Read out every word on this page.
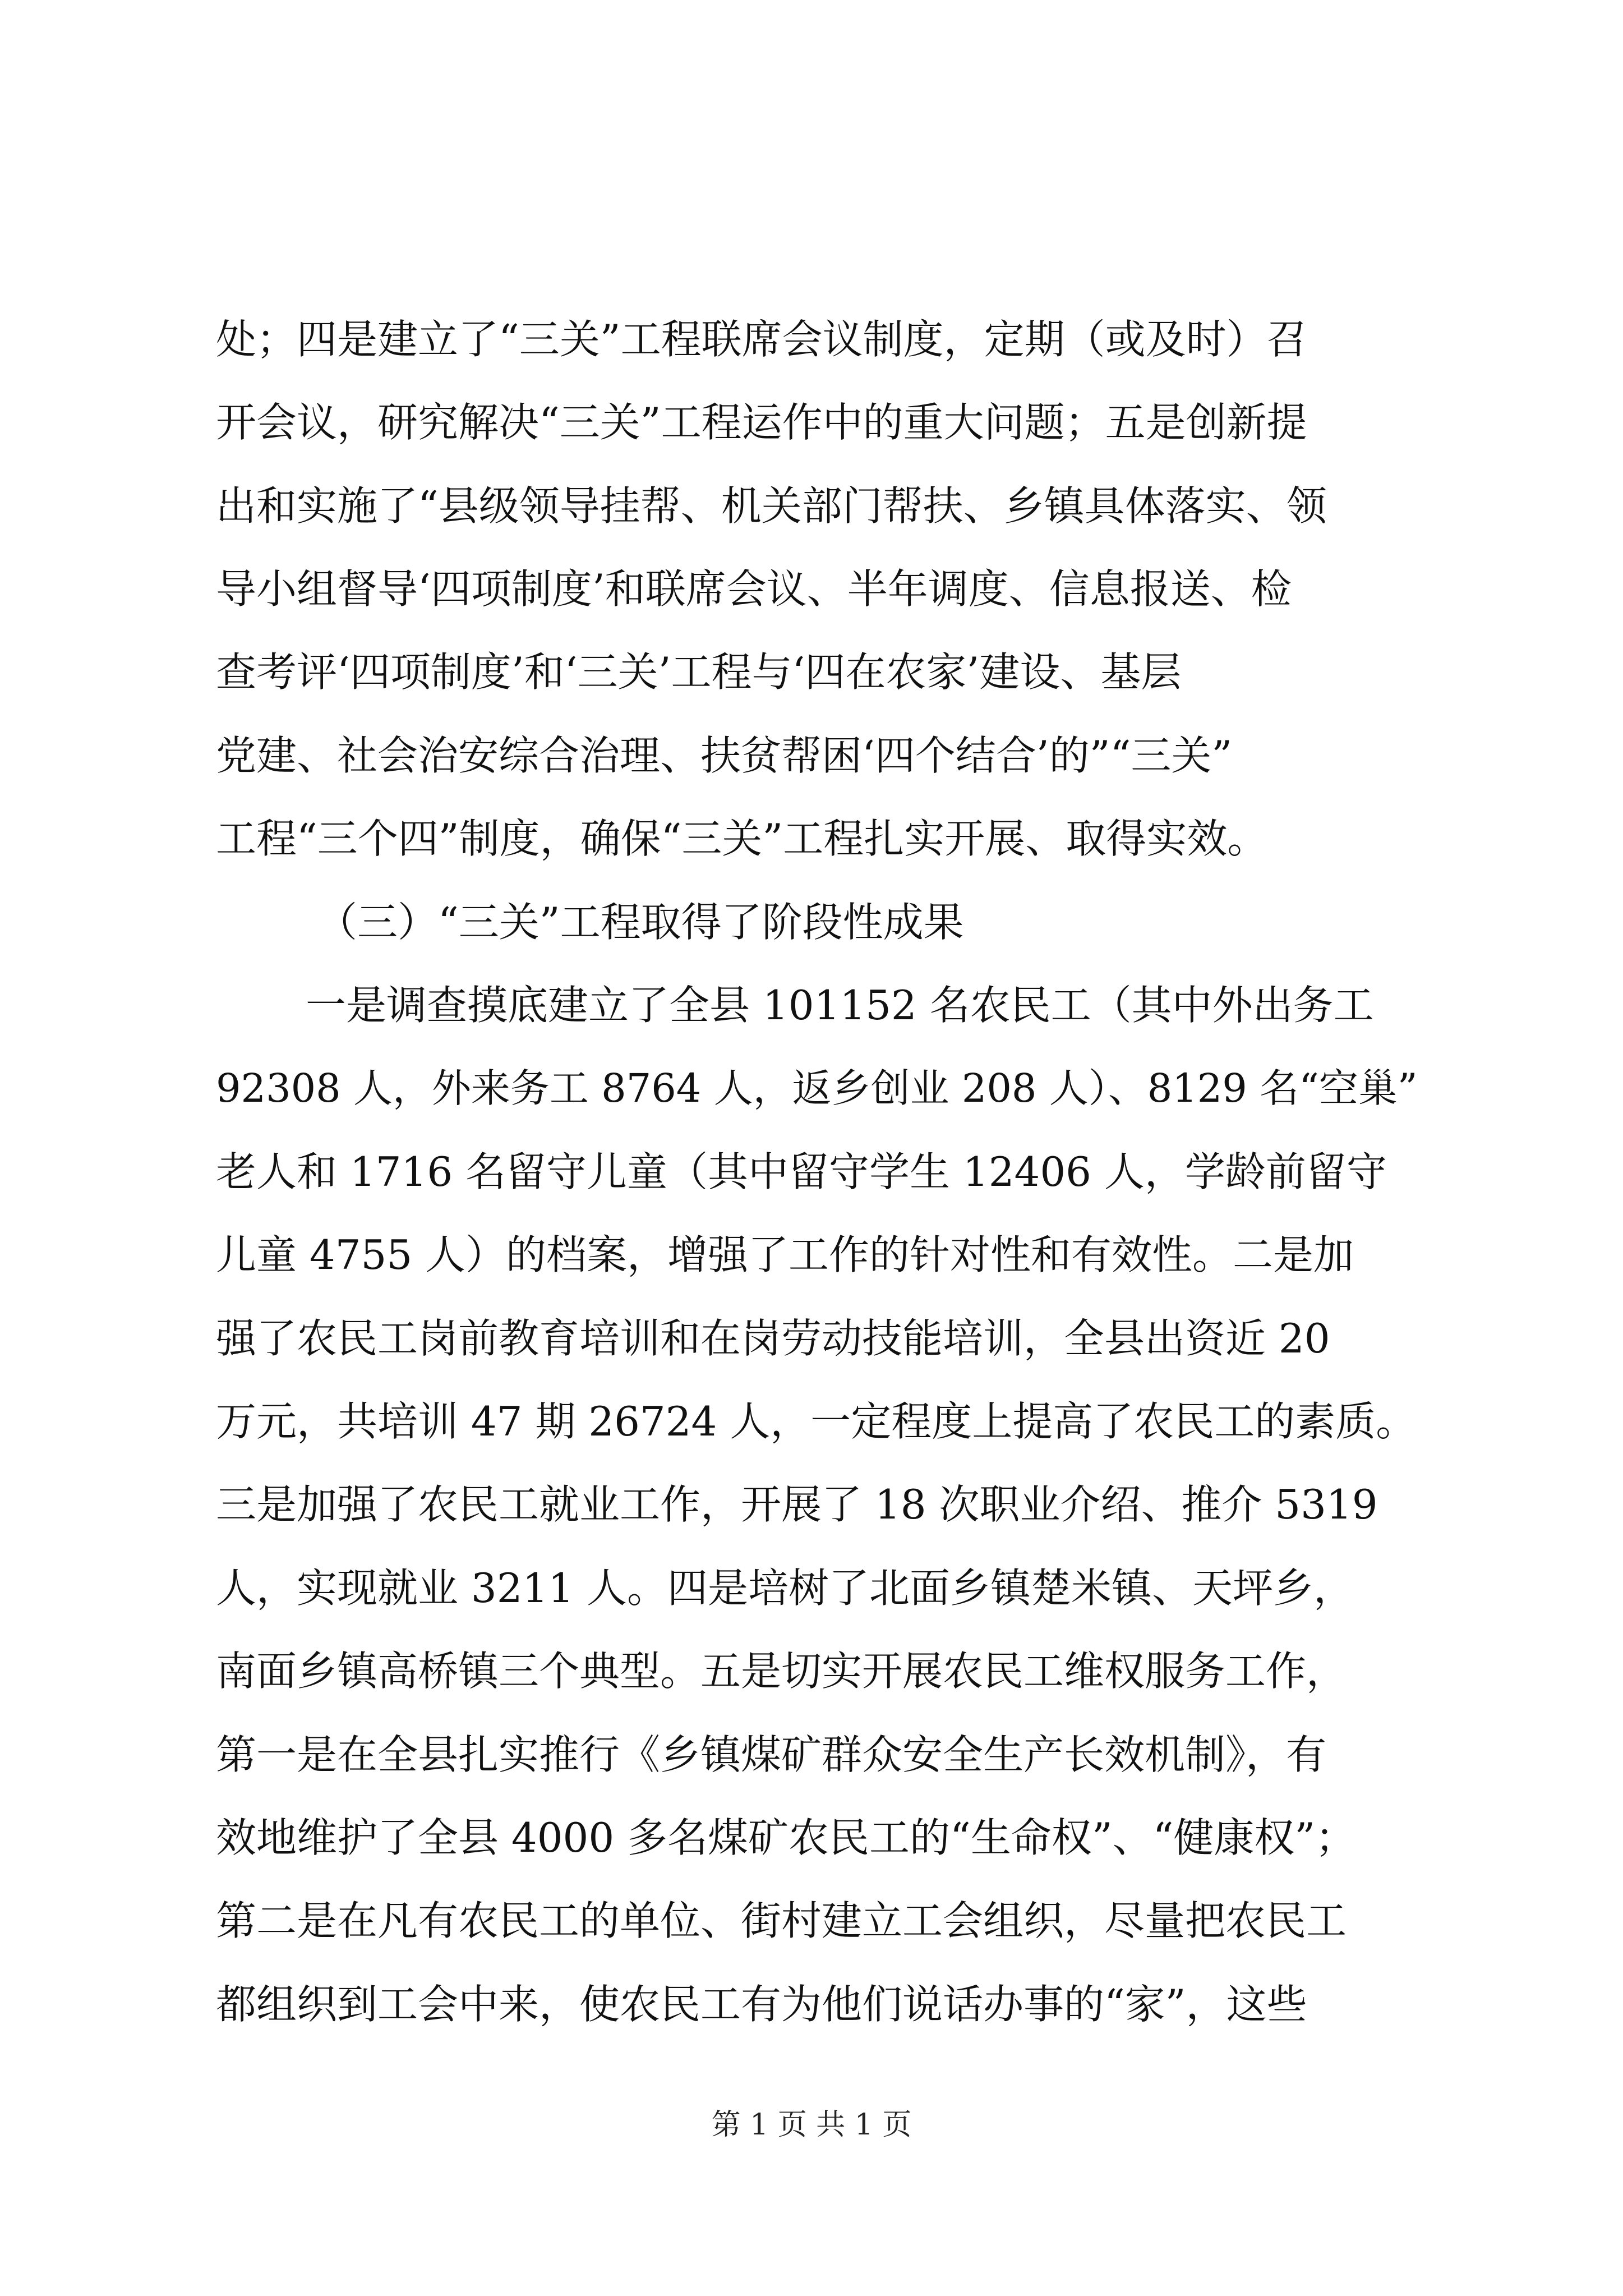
处；四是建立了“三关”工程联席会议制度，定期（或及时）召
开会议，研究解决“三关”工程运作中的重大问题；五是创新提
出和实施了“县级领导挂帮、机关部门帮扶、乡镇具体落实、领
导小组督导‘四项制度’和联席会议、半年调度、信息报送、检
查考评‘四项制度’和‘三关’工程与‘四在农家’建设、基层
党建、社会治安综合治理、扶贫帮困‘四个结合’的”“三关”
工程“三个四”制度，确保“三关”工程扎实开展、取得实效。
（三）“三关”工程取得了阶段性成果
一是调查摸底建立了全县 101152 名农民工（其中外出务工
92308 人，外来务工 8764 人，返乡创业 208 人）、8129 名“空巢”
老人和 1716 名留守儿童（其中留守学生 12406 人，学龄前留守
儿童 4755 人）的档案，增强了工作的针对性和有效性。二是加
强了农民工岗前教育培训和在岗劳动技能培训，全县出资近 20
万元，共培训 47 期 26724 人，一定程度上提高了农民工的素质。
三是加强了农民工就业工作，开展了 18 次职业介绍、推介 5319
人，实现就业 3211 人。四是培树了北面乡镇楚米镇、天坪乡，
南面乡镇高桥镇三个典型。五是切实开展农民工维权服务工作，
第一是在全县扎实推行《乡镇煤矿群众安全生产长效机制》，有
效地维护了全县 4000 多名煤矿农民工的“生命权”、“健康权”；
第二是在凡有农民工的单位、街村建立工会组织，尽量把农民工
都组织到工会中来，使农民工有为他们说话办事的“家”，这些
第 1 页 共 1 页
